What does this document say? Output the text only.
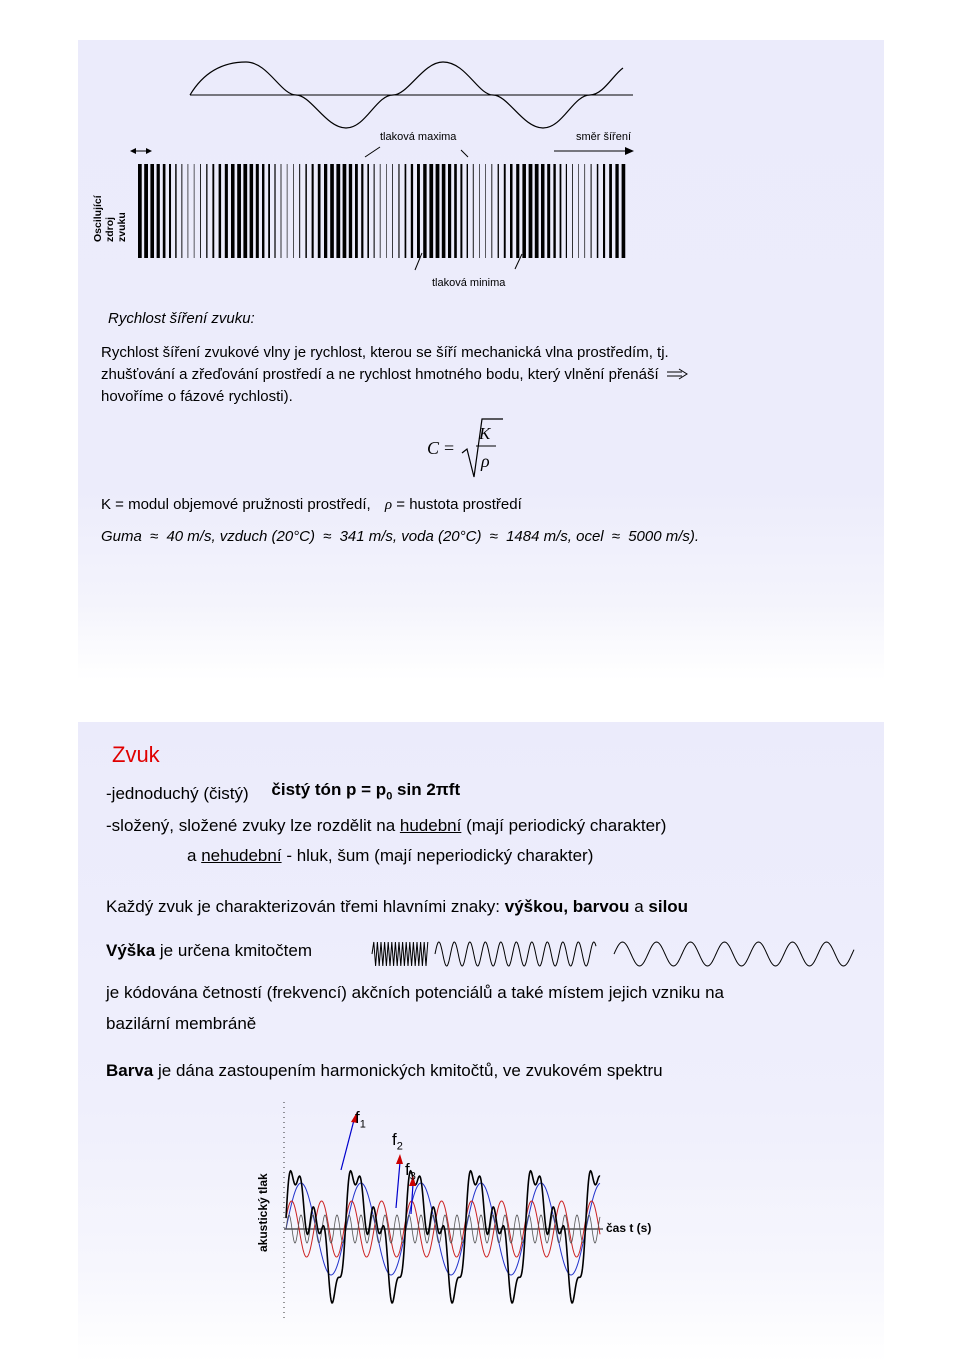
tlaková maxima	směr šíření
tlaková minima
Oscilující zdroj zvuku
Rychlost šíření zvuku:
Rychlost šíření zvukové vlny je rychlost, kterou se šíří mechanická vlna prostředím, tj.
zhušťování a zřeďování prostředí a ne rychlost hmotného bodu, který vlnění přenáší
hovoříme o fázové rychlosti).
C =
K
ρ
K = modul objemové pružnosti prostředí, ρ = hustota prostředí
Guma ≈ 40 m/s, vzduch (20°C) ≈ 341 m/s, voda (20°C) ≈ 1484 m/s, ocel ≈ 5000 m/s).
Zvuk
-jednoduchý (čistý) čistý tón $p = p_0$ sin 2πft
-složený, složené zvuky lze rozdělit na hudební (mají periodický charakter)
a nehudební - hluk, šum (mají neperiodický charakter)
Každý zvuk je charakterizován třemi hlavními znaky: výškou, barvou a silou
Výška je určena kmitočtem
je kódována četností (frekvencí) akčních potenciálů a také místem jejich vzniku na
bazilární membráně
Barva je dána zastoupením harmonických kmitočtů, ve zvukovém spektru
$f_1$
$f_2$
$f_3$
čas t (s)
akustický tlak
